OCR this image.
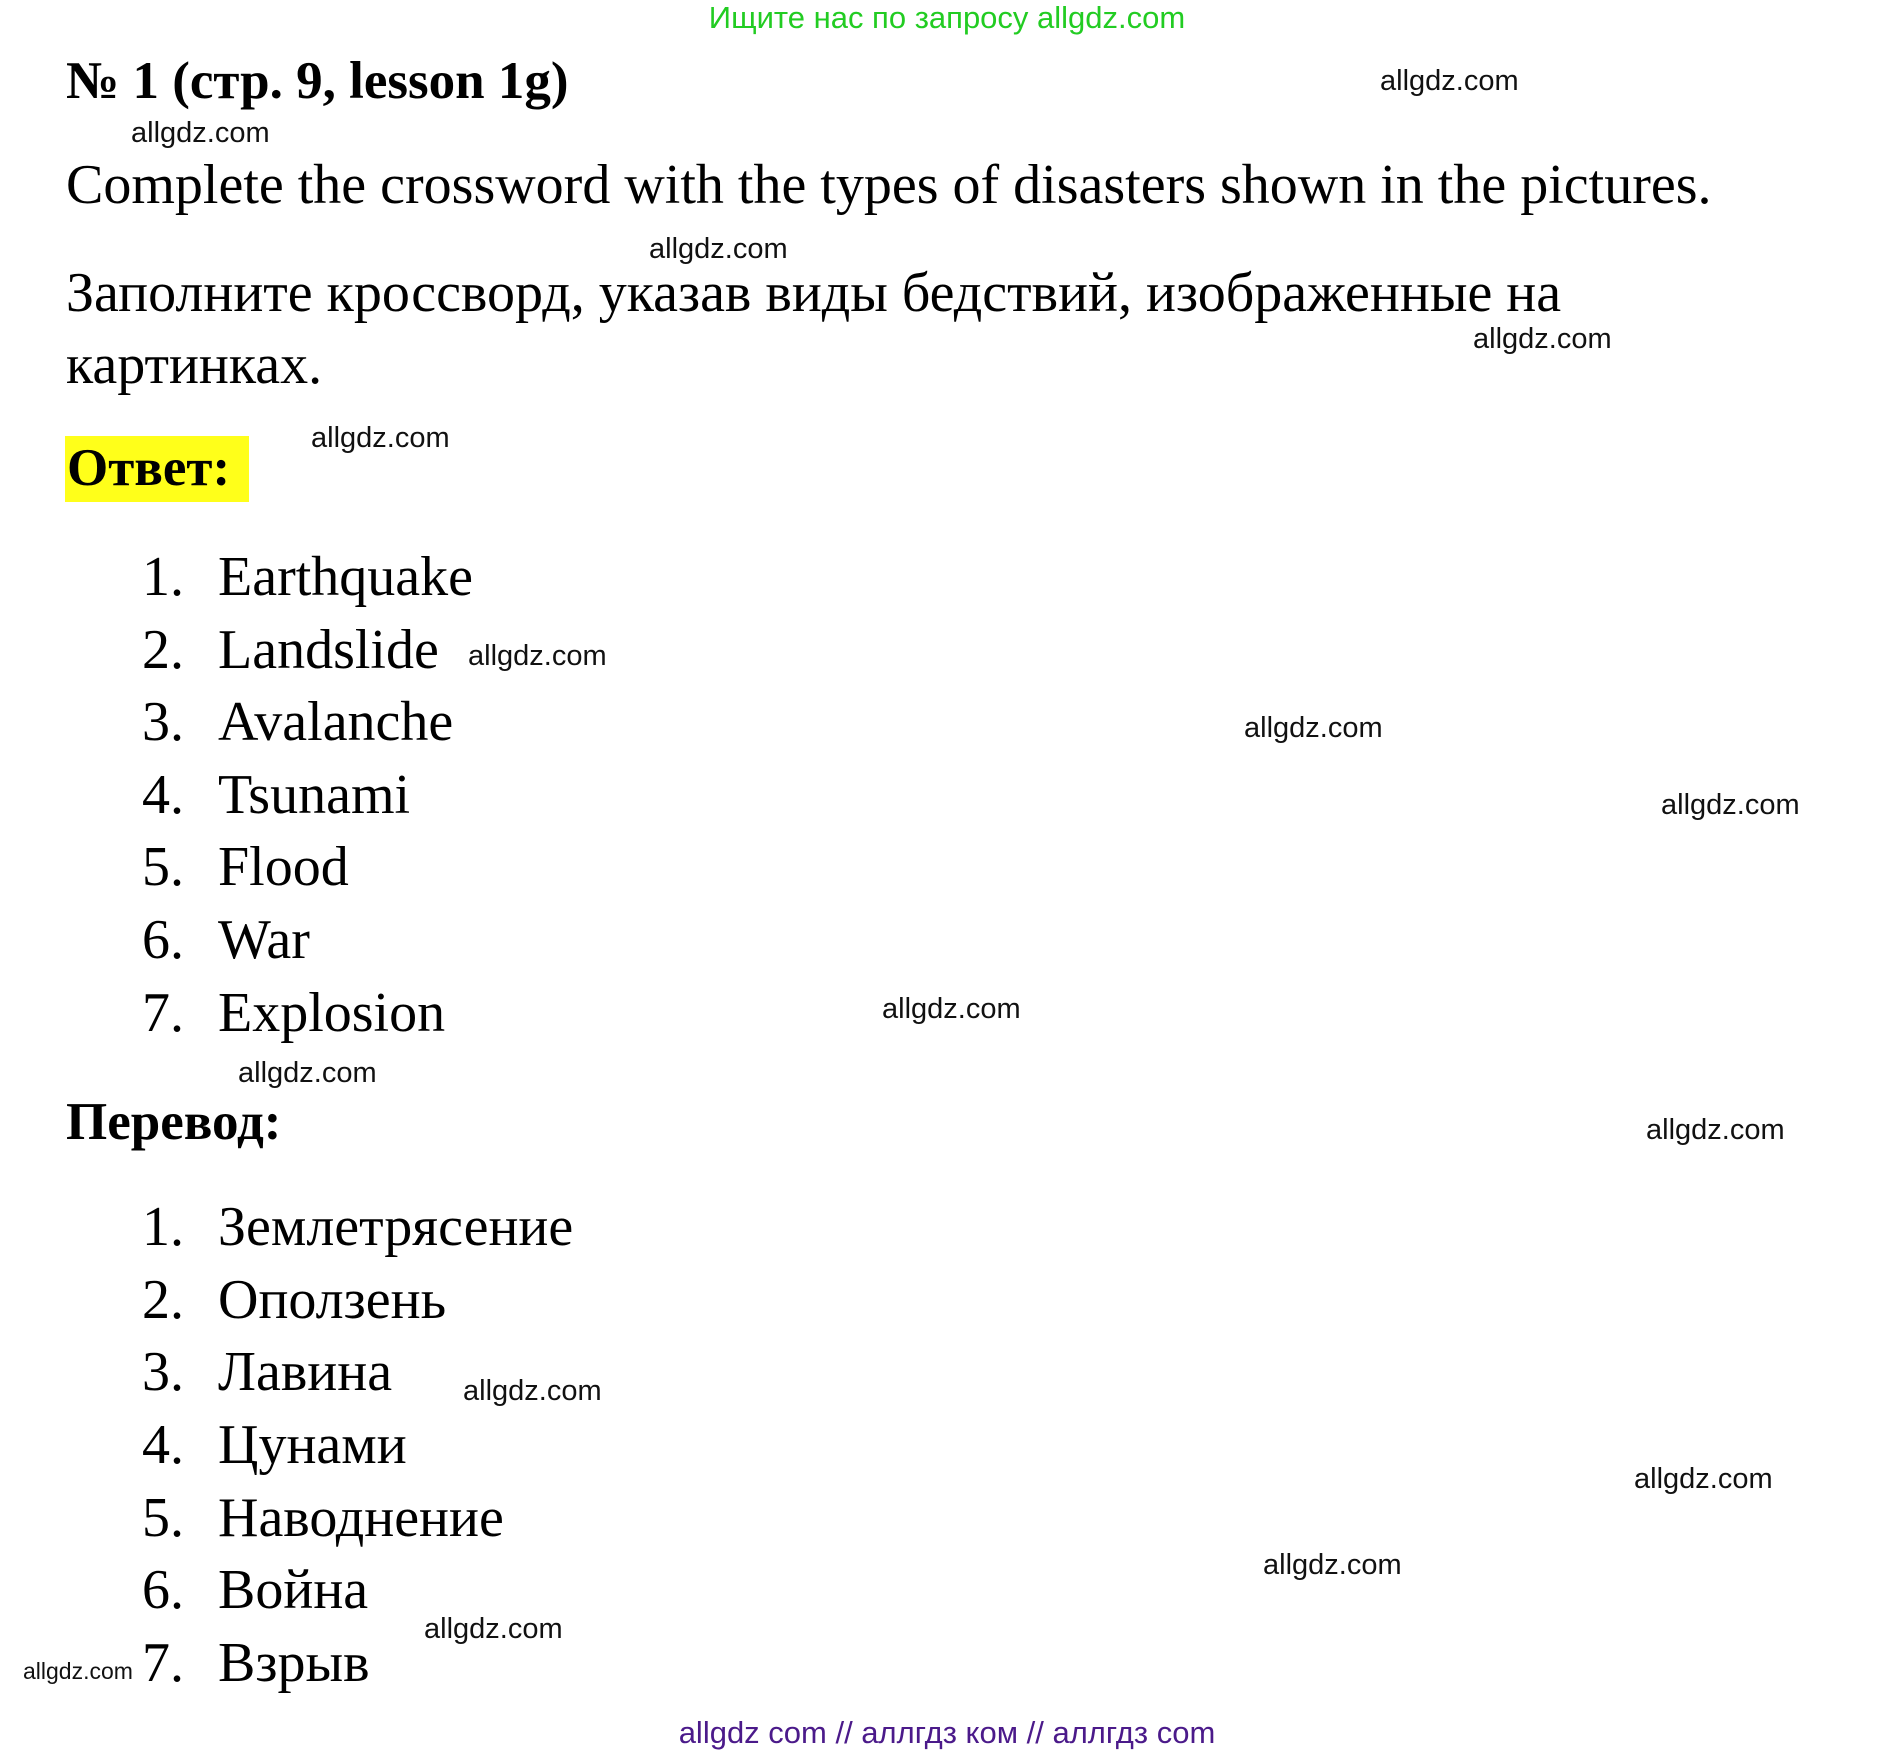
Ищите нас по запросу allgdz.com
№ 1 (стр. 9, lesson 1g)
Complete the crossword with the types of disasters shown in the pictures.
Заполните кроссворд, указав виды бедствий, изображенные на
картинках.
Ответ:
1. Earthquake
2. Landslide
3. Avalanche
4. Tsunami
5. Flood
6. War
7. Explosion
Перевод:
1. Землетрясение
2. Оползень
3. Лавина
4. Цунами
5. Наводнение
6. Война
7. Взрыв
allgdz.com
allgdz.com
allgdz.com
allgdz.com
allgdz.com
allgdz.com
allgdz.com
allgdz.com
allgdz.com
allgdz.com
allgdz.com
allgdz.com
allgdz.com
allgdz.com
allgdz.com
allgdz.com
allgdz com // аллгдз ком // аллгдз com
